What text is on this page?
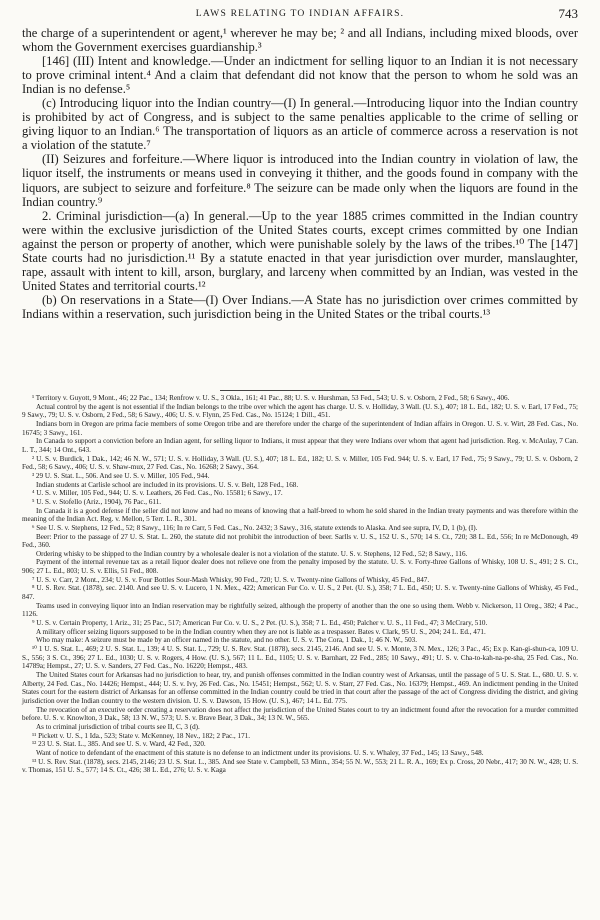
LAWS RELATING TO INDIAN AFFAIRS.	743

the charge of a superintendent or agent,¹ wherever he may be; ² and all Indians, including mixed bloods, over whom the Government exercises guardianship.³

[146] (III) Intent and knowledge.—Under an indictment for selling liquor to an Indian it is not necessary to prove criminal intent.⁴ And a claim that defendant did not know that the person to whom he sold was an Indian is no defense.⁵

(c) Introducing liquor into the Indian country—(I) In general.—Introducing liquor into the Indian country is prohibited by act of Congress, and is subject to the same penalties applicable to the crime of selling or giving liquor to an Indian.⁶ The transportation of liquors as an article of commerce across a reservation is not a violation of the statute.⁷

(II) Seizures and forfeiture.—Where liquor is introduced into the Indian country in violation of law, the liquor itself, the instruments or means used in conveying it thither, and the goods found in company with the liquors, are subject to seizure and forfeiture.⁸ The seizure can be made only when the liquors are found in the Indian country.⁹

2. Criminal jurisdiction—(a) In general.—Up to the year 1885 crimes committed in the Indian country were within the exclusive jurisdiction of the United States courts, except crimes committed by one Indian against the person or property of another, which were punishable solely by the laws of the tribes.¹⁰ The [147] State courts had no jurisdiction.¹¹ By a statute enacted in that year jurisdiction over murder, manslaughter, rape, assault with intent to kill, arson, burglary, and larceny when committed by an Indian, was vested in the United States and territorial courts.¹²

(b) On reservations in a State—(I) Over Indians.—A State has no jurisdiction over crimes committed by Indians within a reservation, such jurisdiction being in the United States or the tribal courts.¹³

¹ Territory v. Guyott, 9 Mont., 46; 22 Pac., 134; Renfrow v. U. S., 3 Okla., 161; 41 Pac., 88; U. S. v. Hurshman, 53 Fed., 543; U. S. v. Osborn, 2 Fed., 58; 6 Sawy., 406.

Actual control by the agent is not essential if the Indian belongs to the tribe over which the agent has charge. U. S. v. Holliday, 3 Wall. (U. S.), 407; 18 L. Ed., 182; U. S. v. Earl, 17 Fed., 75; 9 Sawy., 79; U. S. v. Osborn, 2 Fed., 58; 6 Sawy., 406; U. S. v. Flynn, 25 Fed. Cas., No. 15124; 1 Dill., 451.

Indians born in Oregon are prima facie members of some Oregon tribe and are therefore under the charge of the superintendent of Indian affairs in Oregon. U. S. v. Wirt, 28 Fed. Cas., No. 16745; 3 Sawy., 161.

In Canada to support a conviction before an Indian agent, for selling liquor to Indians, it must appear that they were Indians over whom that agent had jurisdiction. Reg. v. McAulay, 7 Can. L. T., 344; 14 Ont., 643.

² U. S. v. Burdick, 1 Dak., 142; 46 N. W., 571; U. S. v. Holliday, 3 Wall. (U. S.), 407; 18 L. Ed., 182; U. S. v. Miller, 105 Fed. 944; U. S. v. Earl, 17 Fed., 75; 9 Sawy., 79; U. S. v. Osborn, 2 Fed., 58; 6 Sawy., 406; U. S. v. Shaw-mux, 27 Fed. Cas., No. 16268; 2 Sawy., 364.

³ 29 U. S. Stat. L., 506. And see U. S. v. Miller, 105 Fed., 944.

Indian students at Carlisle school are included in its provisions. U. S. v. Belt, 128 Fed., 168.

⁴ U. S. v. Miller, 105 Fed., 944; U. S. v. Leathers, 26 Fed. Cas., No. 15581; 6 Sawy., 17.

⁵ U. S. v. Stofello (Ariz., 1904), 76 Pac., 611.

In Canada it is a good defense if the seller did not know and had no means of knowing that a half-breed to whom he sold shared in the Indian treaty payments and was therefore within the meaning of the Indian Act. Reg. v. Mellon, 5 Terr. L. R., 301.

⁶ See U. S. v. Stephens, 12 Fed., 52; 8 Sawy., 116; In re Carr, 5 Fed. Cas., No. 2432; 3 Sawy., 316, statute extends to Alaska. And see supra, IV, D, 1 (b), (I).

Beer: Prior to the passage of 27 U. S. Stat. L. 260, the statute did not prohibit the introduction of beer. Sarlls v. U. S., 152 U. S., 570; 14 S. Ct., 720; 38 L. Ed., 556; In re McDonough, 49 Fed., 360.

Ordering whisky to be shipped to the Indian country by a wholesale dealer is not a violation of the statute. U. S. v. Stephens, 12 Fed., 52; 8 Sawy., 116.

Payment of the internal revenue tax as a retail liquor dealer does not relieve one from the penalty imposed by the statute. U. S. v. Forty-three Gallons of Whisky, 108 U. S., 491; 2 S. Ct., 906; 27 L. Ed., 803; U. S. v. Ellis, 51 Fed., 808.

⁷ U. S. v. Carr, 2 Mont., 234; U. S. v. Four Bottles Sour-Mash Whisky, 90 Fed., 720; U. S. v. Twenty-nine Gallons of Whisky, 45 Fed., 847.

⁸ U. S. Rev. Stat. (1878), sec. 2140. And see U. S. v. Lucero, 1 N. Mex., 422; American Fur Co. v. U. S., 2 Pet. (U. S.), 358; 7 L. Ed., 450; U. S. v. Twenty-nine Gallons of Whisky, 45 Fed., 847.

Teams used in conveying liquor into an Indian reservation may be rightfully seized, although the property of another than the one so using them. Webb v. Nickerson, 11 Oreg., 382; 4 Pac., 1126.

⁹ U. S. v. Certain Property, 1 Ariz., 31; 25 Pac., 517; American Fur Co. v. U. S., 2 Pet. (U. S.), 358; 7 L. Ed., 450; Palcher v. U. S., 11 Fed., 47; 3 McCrary, 510.

A military officer seizing liquors supposed to be in the Indian country when they are not is liable as a trespasser. Bates v. Clark, 95 U. S., 204; 24 L. Ed., 471.

Who may make: A seizure must be made by an officer named in the statute, and no other. U. S. v. The Cora, 1 Dak., 1; 46 N. W., 503.

¹⁰ 1 U. S. Stat. L., 469; 2 U. S. Stat. L., 139; 4 U. S. Stat. L., 729; U. S. Rev. Stat. (1878), secs. 2145, 2146. And see U. S. v. Monte, 3 N. Mex., 126; 3 Pac., 45; Ex p. Kan-gi-shun-ca, 109 U. S., 556; 3 S. Ct., 396; 27 L. Ed., 1030; U. S. v. Rogers, 4 How. (U. S.), 567; 11 L. Ed., 1105; U. S. v. Barnhart, 22 Fed., 285; 10 Sawy., 491; U. S. v. Cha-to-kah-na-pe-sha, 25 Fed. Cas., No. 14789a; Hempst., 27; U. S. v. Sanders, 27 Fed. Cas., No. 16220; Hempst., 483.

The United States court for Arkansas had no jurisdiction to hear, try, and punish offenses committed in the Indian country west of Arkansas, until the passage of 5 U. S. Stat. L., 680. U. S. v. Alberty, 24 Fed. Cas., No. 14426; Hempst., 444; U. S. v. Ivy, 26 Fed. Cas., No. 15451; Hempst., 562; U. S. v. Starr, 27 Fed. Cas., No. 16379; Hempst., 469. An indictment pending in the United States court for the eastern district of Arkansas for an offense committed in the Indian country could be tried in that court after the passage of the act of Congress dividing the district, and giving jurisdiction over the Indian country to the western division. U. S. v. Dawson, 15 How. (U. S.), 467; 14 L. Ed. 775.

The revocation of an executive order creating a reservation does not affect the jurisdiction of the United States court to try an indictment found after the revocation for a murder committed before. U. S. v. Knowlton, 3 Dak., 58; 13 N. W., 573; U. S. v. Brave Bear, 3 Dak., 34; 13 N. W., 565.

As to criminal jurisdiction of tribal courts see II, C, 3 (d).

¹¹ Pickett v. U. S., 1 Ida., 523; State v. McKenney, 18 Nev., 182; 2 Pac., 171.

¹² 23 U. S. Stat. L., 385. And see U. S. v. Ward, 42 Fed., 320.

Want of notice to defendant of the enactment of this statute is no defense to an indictment under its provisions. U. S. v. Whaley, 37 Fed., 145; 13 Sawy., 548.

¹³ U. S. Rev. Stat. (1878), secs. 2145, 2146; 23 U. S. Stat. L., 385. And see State v. Campbell, 53 Minn., 354; 55 N. W., 553; 21 L. R. A., 169; Ex p. Cross, 20 Nebr., 417; 30 N. W., 428; U. S. v. Thomas, 151 U. S., 577; 14 S. Ct., 426; 38 L. Ed., 276; U. S. v. Kaga
